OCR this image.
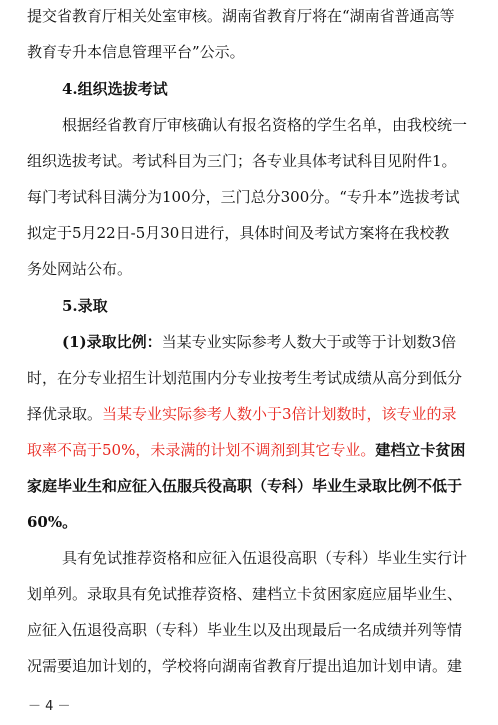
提交省教育厅相关处室审核。湖南省教育厅将在“湖南省普通高等
教育专升本信息管理平台”公示。
4.组织选拔考试
根据经省教育厅审核确认有报名资格的学生名单，由我校统一
组织选拔考试。考试科目为三门；各专业具体考试科目见附件1。
每门考试科目满分为100分，三门总分300分。“专升本”选拔考试
拟定于5月22日-5月30日进行，具体时间及考试方案将在我校教
务处网站公布。
5.录取
(1)录取比例：当某专业实际参考人数大于或等于计划数3倍
时，在分专业招生计划范围内分专业按考生考试成绩从高分到低分
择优录取。当某专业实际参考人数小于3倍计划数时，该专业的录
取率不高于50%，未录满的计划不调剂到其它专业。建档立卡贫困
家庭毕业生和应征入伍服兵役高职（专科）毕业生录取比例不低于
60%。
具有免试推荐资格和应征入伍退役高职（专科）毕业生实行计
划单列。录取具有免试推荐资格、建档立卡贫困家庭应届毕业生、
应征入伍退役高职（专科）毕业生以及出现最后一名成绩并列等情
况需要追加计划的，学校将向湖南省教育厅提出追加计划申请。建
－ 4 －
